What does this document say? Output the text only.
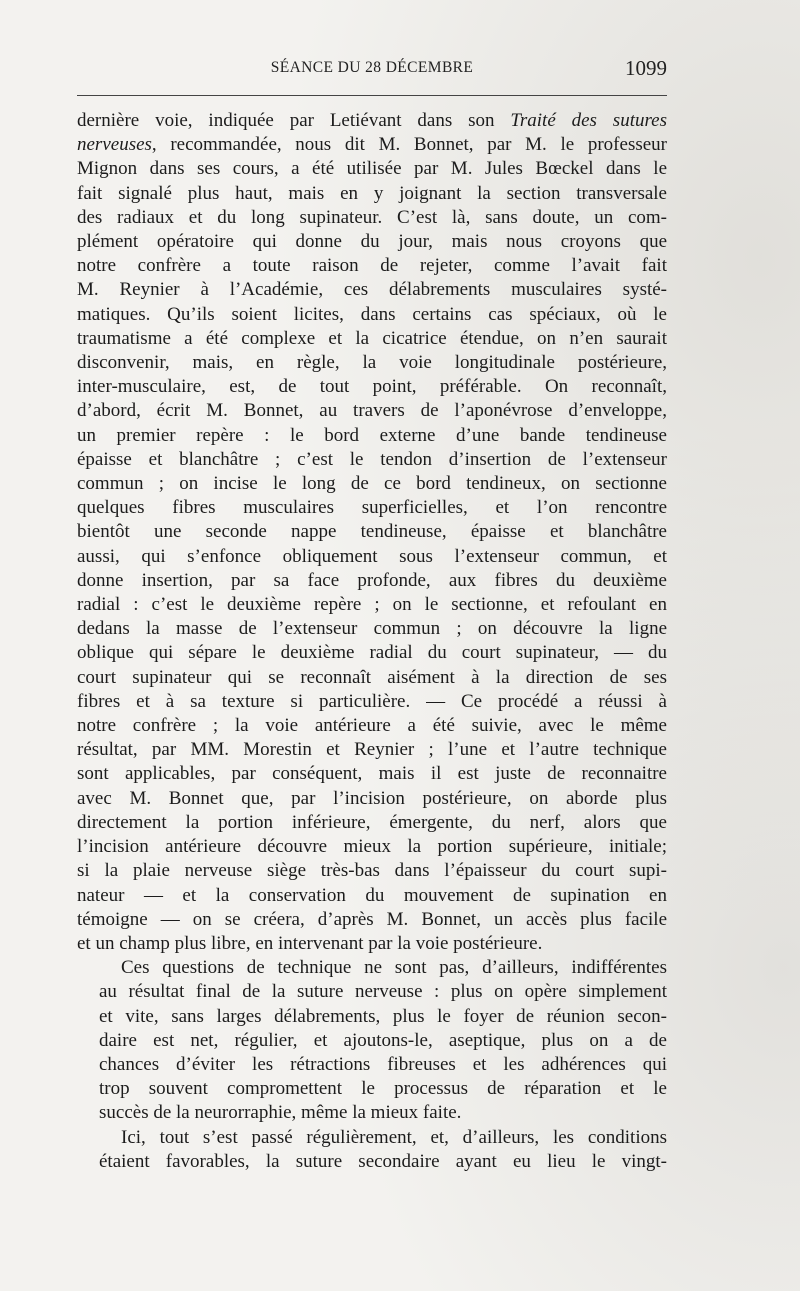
SÉANCE DU 28 DÉCEMBRE	1099

dernière voie, indiquée par Letiévant dans son Traité des sutures
nerveuses, recommandée, nous dit M. Bonnet, par M. le professeur
Mignon dans ses cours, a été utilisée par M. Jules Bœckel dans le
fait signalé plus haut, mais en y joignant la section transversale
des radiaux et du long supinateur. C’est là, sans doute, un com-
plément opératoire qui donne du jour, mais nous croyons que
notre confrère a toute raison de rejeter, comme l’avait fait
M. Reynier à l’Académie, ces délabrements musculaires systé-
matiques. Qu’ils soient licites, dans certains cas spéciaux, où le
traumatisme a été complexe et la cicatrice étendue, on n’en saurait
disconvenir, mais, en règle, la voie longitudinale postérieure,
inter-musculaire, est, de tout point, préférable. On reconnaît,
d’abord, écrit M. Bonnet, au travers de l’aponévrose d’enveloppe,
un premier repère : le bord externe d’une bande tendineuse
épaisse et blanchâtre ; c’est le tendon d’insertion de l’extenseur
commun ; on incise le long de ce bord tendineux, on sectionne
quelques fibres musculaires superficielles, et l’on rencontre
bientôt une seconde nappe tendineuse, épaisse et blanchâtre
aussi, qui s’enfonce obliquement sous l’extenseur commun, et
donne insertion, par sa face profonde, aux fibres du deuxième
radial : c’est le deuxième repère ; on le sectionne, et refoulant en
dedans la masse de l’extenseur commun ; on découvre la ligne
oblique qui sépare le deuxième radial du court supinateur, — du
court supinateur qui se reconnaît aisément à la direction de ses
fibres et à sa texture si particulière. — Ce procédé a réussi à
notre confrère ; la voie antérieure a été suivie, avec le même
résultat, par MM. Morestin et Reynier ; l’une et l’autre technique
sont applicables, par conséquent, mais il est juste de reconnaitre
avec M. Bonnet que, par l’incision postérieure, on aborde plus
directement la portion inférieure, émergente, du nerf, alors que
l’incision antérieure découvre mieux la portion supérieure, initiale;
si la plaie nerveuse siège très-bas dans l’épaisseur du court supi-
nateur — et la conservation du mouvement de supination en
témoigne — on se créera, d’après M. Bonnet, un accès plus facile
et un champ plus libre, en intervenant par la voie postérieure.

Ces questions de technique ne sont pas, d’ailleurs, indifférentes
au résultat final de la suture nerveuse : plus on opère simplement
et vite, sans larges délabrements, plus le foyer de réunion secon-
daire est net, régulier, et ajoutons-le, aseptique, plus on a de
chances d’éviter les rétractions fibreuses et les adhérences qui
trop souvent compromettent le processus de réparation et le
succès de la neurorraphie, même la mieux faite.

Ici, tout s’est passé régulièrement, et, d’ailleurs, les conditions
étaient favorables, la suture secondaire ayant eu lieu le vingt-
